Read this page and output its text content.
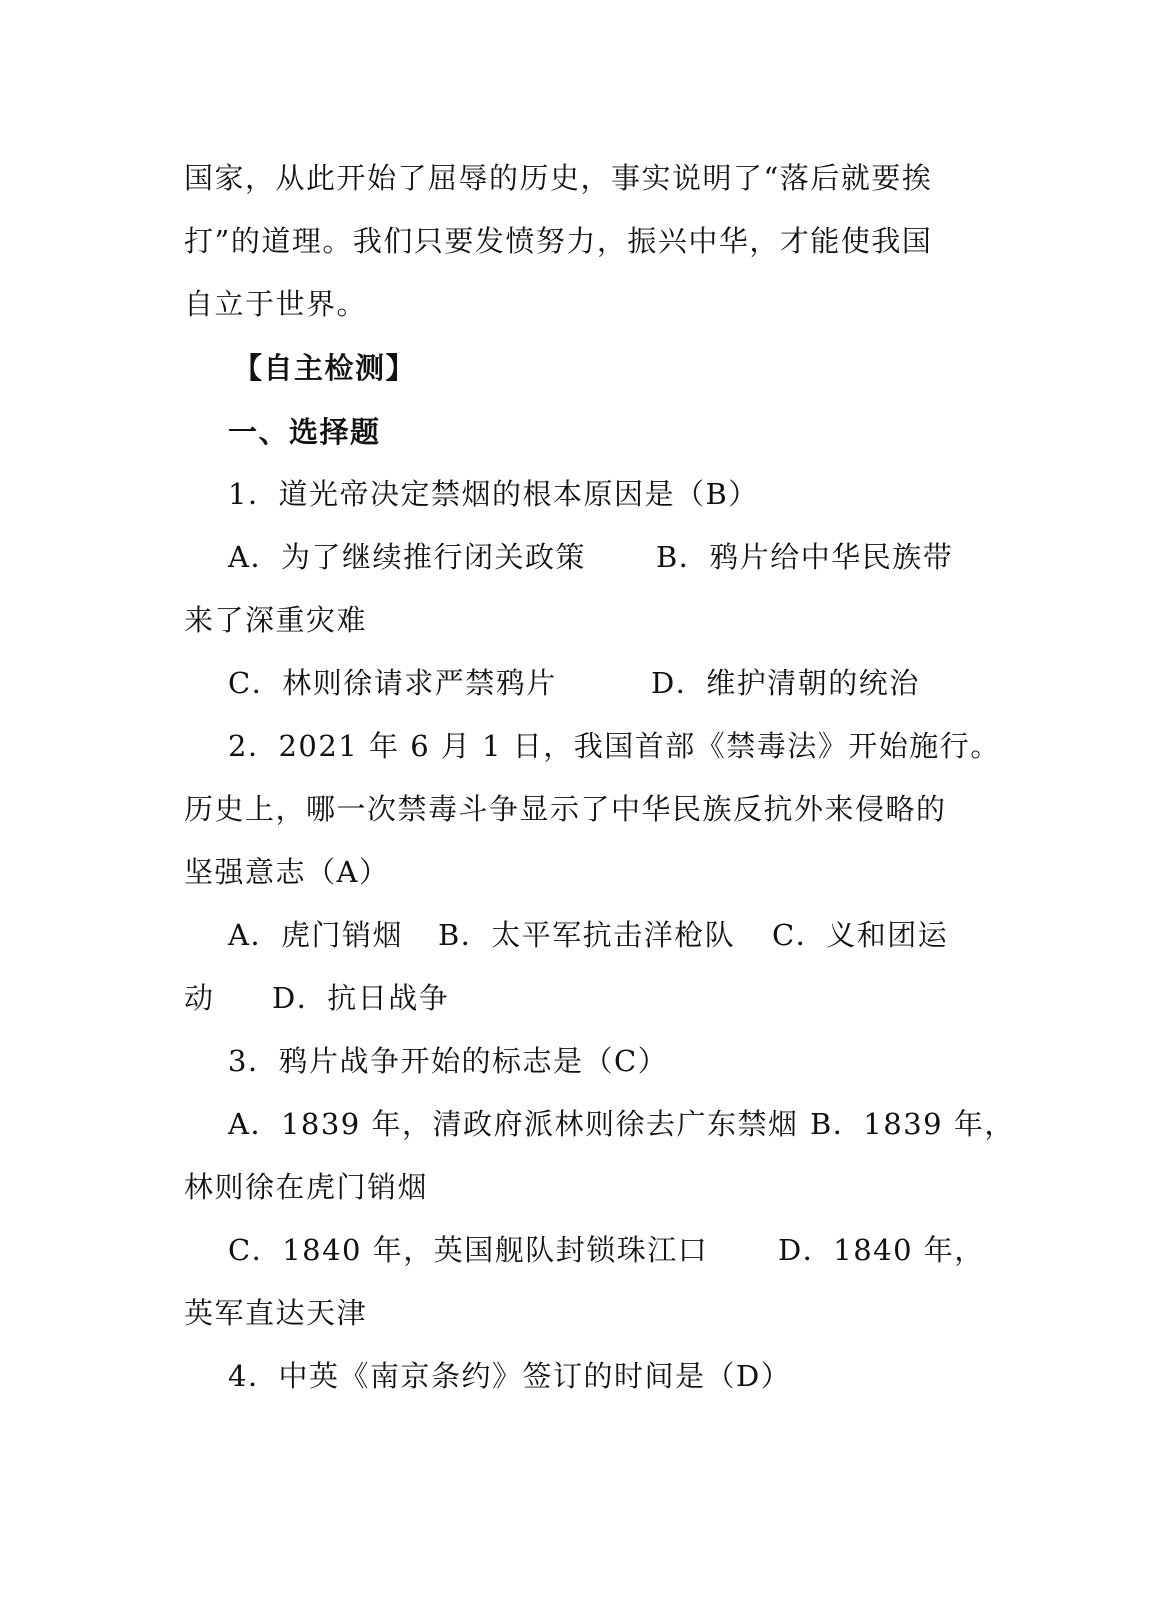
国家，从此开始了屈辱的历史，事实说明了“落后就要挨
打”的道理。我们只要发愤努力，振兴中华，才能使我国
自立于世界。
【自主检测】
一、选择题
1．道光帝决定禁烟的根本原因是（B）
A．为了继续推行闭关政策 B．鸦片给中华民族带
来了深重灾难
C．林则徐请求严禁鸦片	D．维护清朝的统治
2．2021 年 6 月 1 日，我国首部《禁毒法》开始施行。
历史上，哪一次禁毒斗争显示了中华民族反抗外来侵略的
坚强意志（A）
A．虎门销烟 B．太平军抗击洋枪队 C．义和团运
动 D．抗日战争
3．鸦片战争开始的标志是（C）
A．1839 年，清政府派林则徐去广东禁烟 B．1839 年，
林则徐在虎门销烟
C．1840 年，英国舰队封锁珠江口 D．1840 年，
英军直达天津
4．中英《南京条约》签订的时间是（D）
